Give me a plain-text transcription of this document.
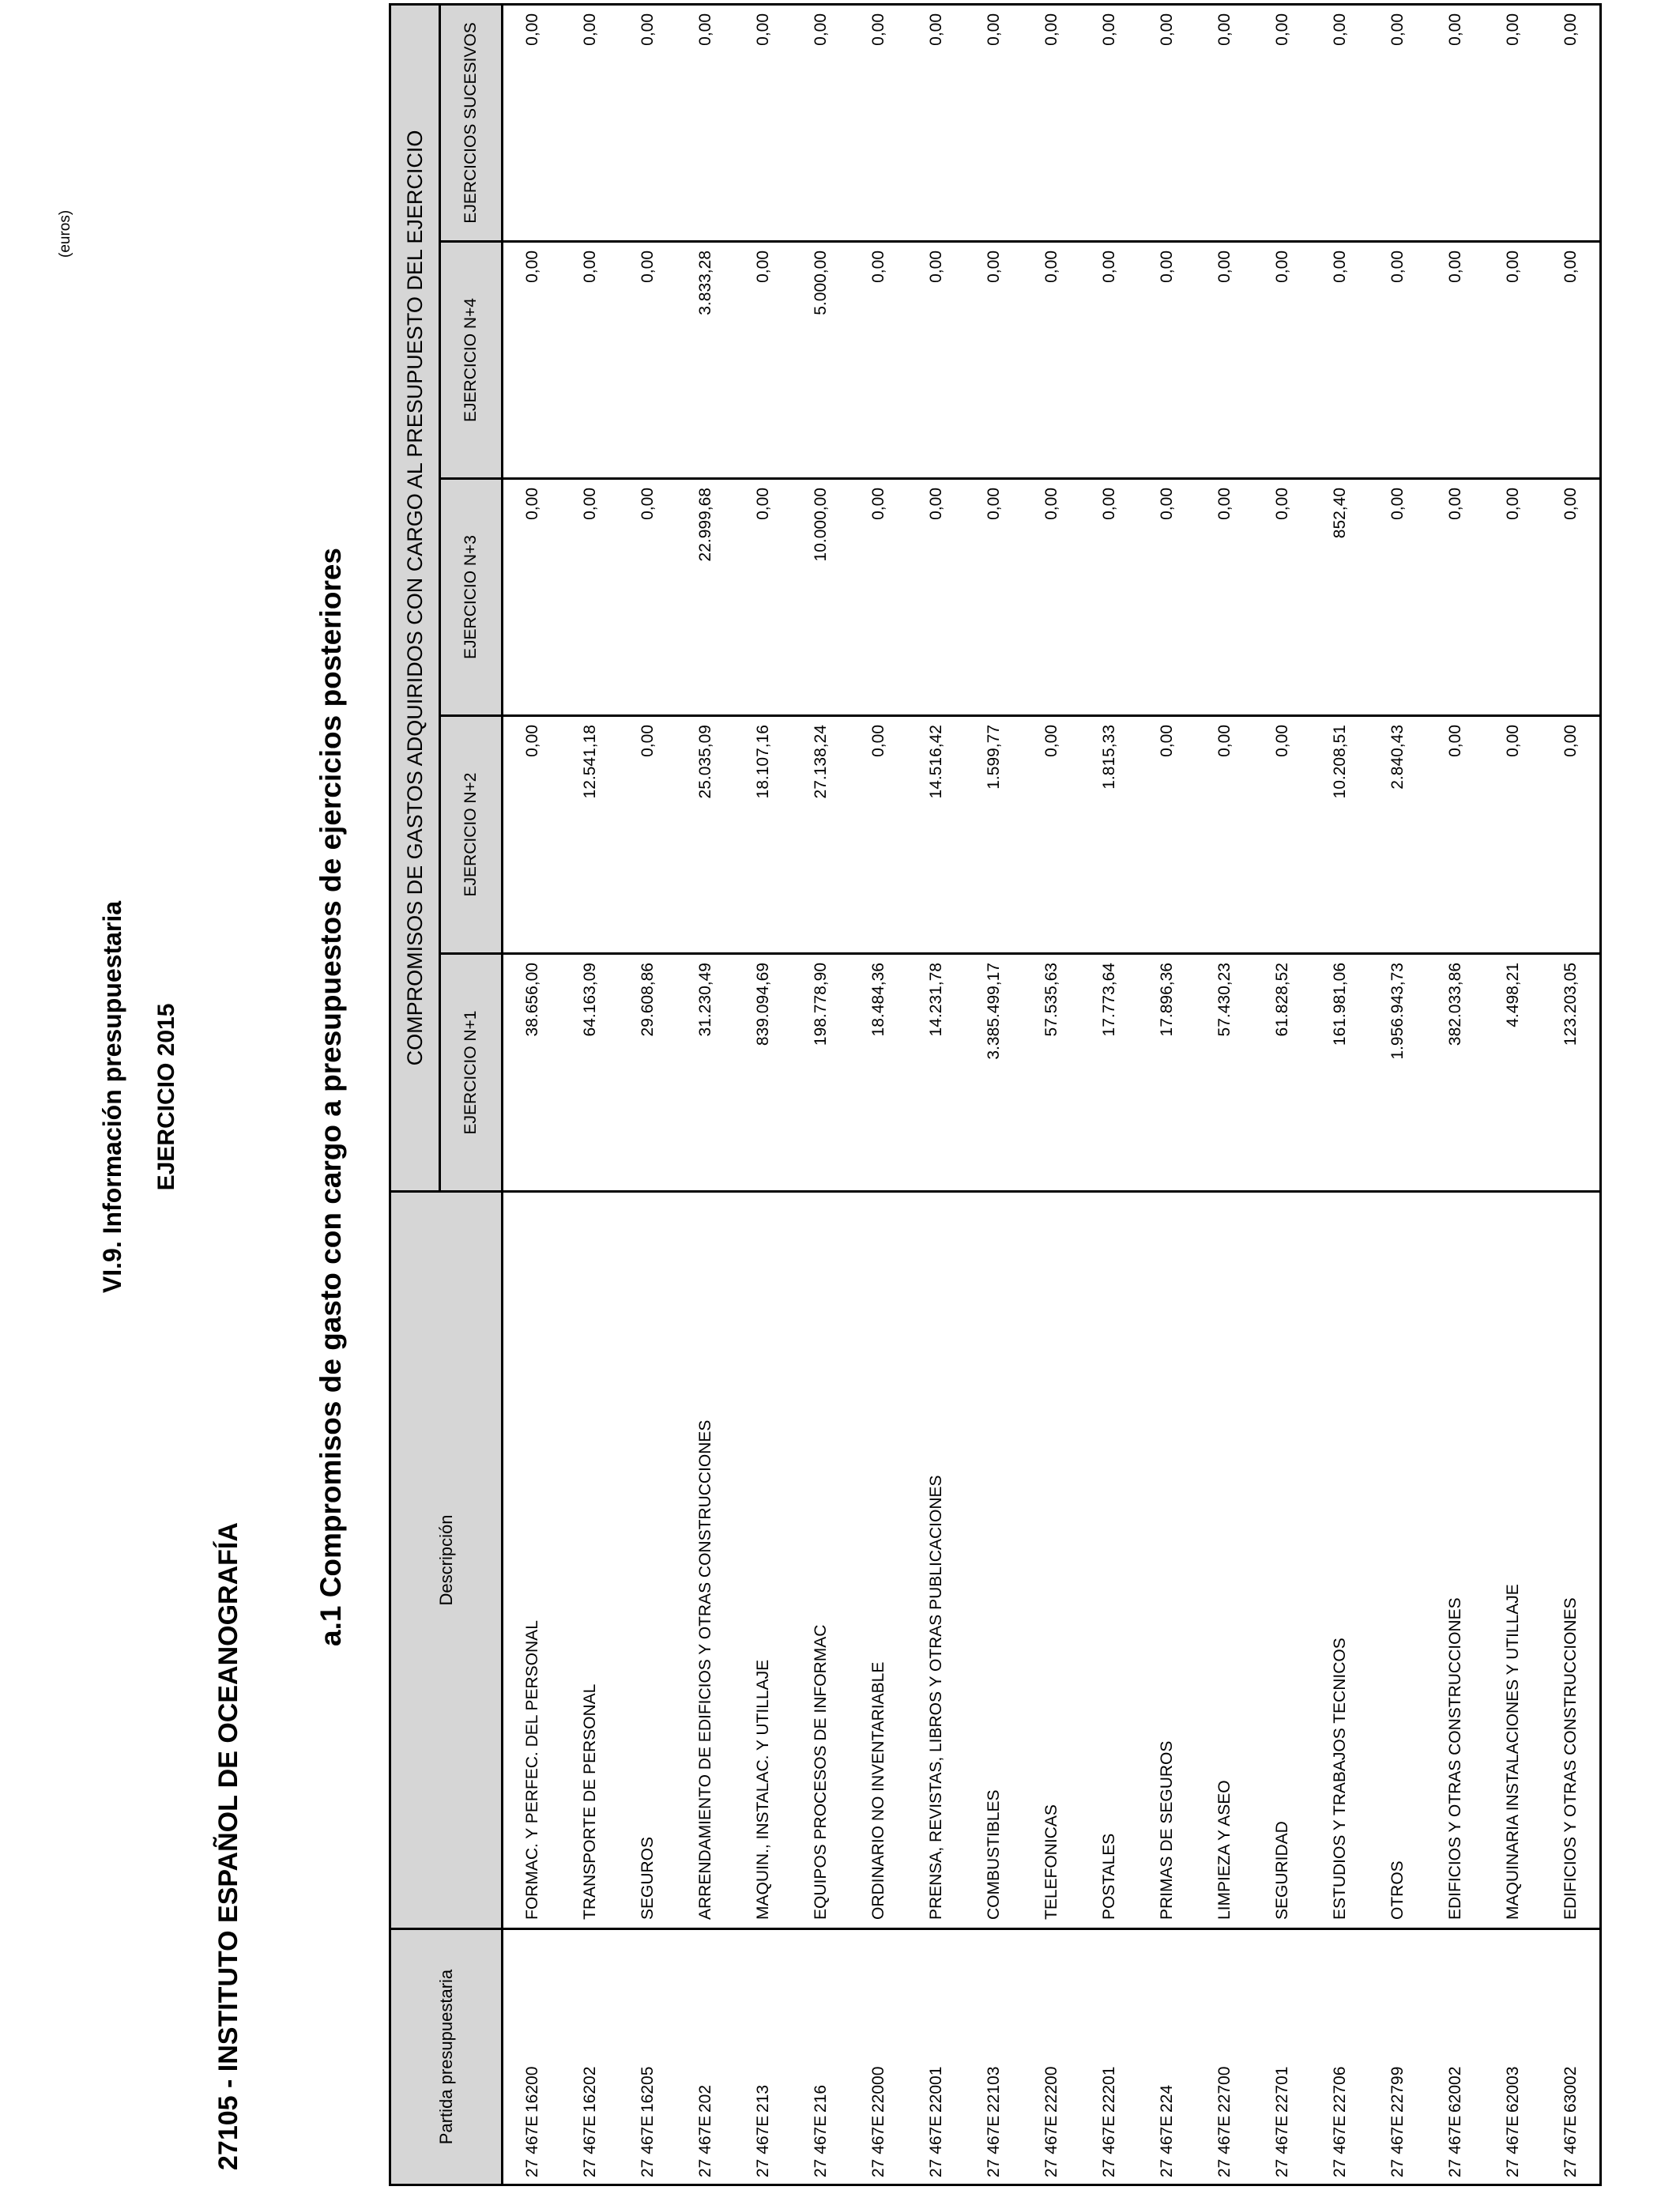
VI.9. Información presupuestaria EJERCICIO 2015
27105 - INSTITUTO ESPAÑOL DE OCEANOGRAFÍA
(euros)
a.1 Compromisos de gasto con cargo a presupuestos de ejercicios posteriores
Partida presupuestaria	Descripción	COMPROMISOS DE GASTOS ADQUIRIDOS CON CARGO AL PRESUPUESTO DEL EJERCICIO				
		EJERCICIO N+1	EJERCICIO N+2	EJERCICIO N+3	EJERCICIO N+4	EJERCICIOS SUCESIVOS
27 467E16200	FORMAC. Y PERFEC. DEL PERSONAL	38.656,00	0,00	0,00	0,00	0,00
27 467E16202	TRANSPORTE DE PERSONAL	64.163,09	12.541,18	0,00	0,00	0,00
27 467E16205	SEGUROS	29.608,86	0,00	0,00	0,00	0,00
27 467E202	ARRENDAMIENTO DE EDIFICIOS Y OTRAS CONSTRUCCIONES	31.230,49	25.035,09	22.999,68	3.833,28	0,00
27 467E213	MAQUIN., INSTALAC. Y UTILLAJE	839.094,69	18.107,16	0,00	0,00	0,00
27 467E216	EQUIPOS PROCESOS DE INFORMAC	198.778,90	27.138,24	10.000,00	5.000,00	0,00
27 467E22000	ORDINARIO NO INVENTARIABLE	18.484,36	0,00	0,00	0,00	0,00
27 467E22001	PRENSA, REVISTAS, LIBROS Y OTRAS PUBLICACIONES	14.231,78	14.516,42	0,00	0,00	0,00
27 467E22103	COMBUSTIBLES	3.385.499,17	1.599,77	0,00	0,00	0,00
27 467E22200	TELEFONICAS	57.535,63	0,00	0,00	0,00	0,00
27 467E22201	POSTALES	17.773,64	1.815,33	0,00	0,00	0,00
27 467E224	PRIMAS DE SEGUROS	17.896,36	0,00	0,00	0,00	0,00
27 467E22700	LIMPIEZA Y ASEO	57.430,23	0,00	0,00	0,00	0,00
27 467E22701	SEGURIDAD	61.828,52	0,00	0,00	0,00	0,00
27 467E22706	ESTUDIOS Y TRABAJOS TECNICOS	161.981,06	10.208,51	852,40	0,00	0,00
27 467E22799	OTROS	1.956.943,73	2.840,43	0,00	0,00	0,00
27 467E62002	EDIFICIOS Y OTRAS CONSTRUCCIONES	382.033,86	0,00	0,00	0,00	0,00
27 467E62003	MAQUINARIA INSTALACIONES Y UTILLAJE	4.498,21	0,00	0,00	0,00	0,00
27 467E63002	EDIFICIOS Y OTRAS CONSTRUCCIONES	123.203,05	0,00	0,00	0,00	0,00
